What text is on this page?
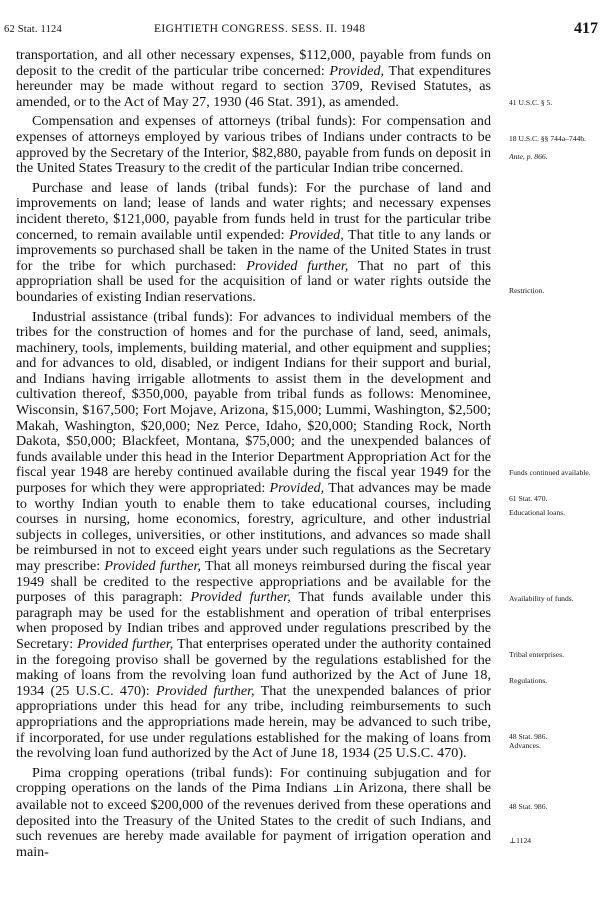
62 Stat. 1124	EIGHTIETH CONGRESS. SESS. II. 1948	417

transportation, and all other necessary expenses, $112,000, payable from funds on deposit to the credit of the particular tribe concerned: Provided, That expenditures hereunder may be made without regard to section 3709, Revised Statutes, as amended, or to the Act of May 27, 1930 (46 Stat. 391), as amended.

Compensation and expenses of attorneys (tribal funds): For compensation and expenses of attorneys employed by various tribes of Indians under contracts to be approved by the Secretary of the Interior, $82,880, payable from funds on deposit in the United States Treasury to the credit of the particular Indian tribe concerned.

Purchase and lease of lands (tribal funds): For the purchase of land and improvements on land; lease of lands and water rights; and necessary expenses incident thereto, $121,000, payable from funds held in trust for the particular tribe concerned, to remain available until expended: Provided, That title to any lands or improvements so purchased shall be taken in the name of the United States in trust for the tribe for which purchased: Provided further, That no part of this appropriation shall be used for the acquisition of land or water rights outside the boundaries of existing Indian reservations.

Industrial assistance (tribal funds): For advances to individual members of the tribes for the construction of homes and for the purchase of land, seed, animals, machinery, tools, implements, building material, and other equipment and supplies; and for advances to old, disabled, or indigent Indians for their support and burial, and Indians having irrigable allotments to assist them in the development and cultivation thereof, $350,000, payable from tribal funds as follows: Menominee, Wisconsin, $167,500; Fort Mojave, Arizona, $15,000; Lummi, Washington, $2,500; Makah, Washington, $20,000; Nez Perce, Idaho, $20,000; Standing Rock, North Dakota, $50,000; Blackfeet, Montana, $75,000; and the unexpended balances of funds available under this head in the Interior Department Appropriation Act for the fiscal year 1948 are hereby continued available during the fiscal year 1949 for the purposes for which they were appropriated: Provided, That advances may be made to worthy Indian youth to enable them to take educational courses, including courses in nursing, home economics, forestry, agriculture, and other industrial subjects in colleges, universities, or other institutions, and advances so made shall be reimbursed in not to exceed eight years under such regulations as the Secretary may prescribe: Provided further, That all moneys reimbursed during the fiscal year 1949 shall be credited to the respective appropriations and be available for the purposes of this paragraph: Provided further, That funds available under this paragraph may be used for the establishment and operation of tribal enterprises when proposed by Indian tribes and approved under regulations prescribed by the Secretary: Provided further, That enterprises operated under the authority contained in the foregoing proviso shall be governed by the regulations established for the making of loans from the revolving loan fund authorized by the Act of June 18, 1934 (25 U.S.C. 470): Provided further, That the unexpended balances of prior appropriations under this head for any tribe, including reimbursements to such appropriations and the appropriations made herein, may be advanced to such tribe, if incorporated, for use under regulations established for the making of loans from the revolving loan fund authorized by the Act of June 18, 1934 (25 U.S.C. 470).

Pima cropping operations (tribal funds): For continuing subjugation and for cropping operations on the lands of the Pima Indians ⊥in Arizona, there shall be available not to exceed $200,000 of the revenues derived from these operations and deposited into the Treasury of the United States to the credit of such Indians, and such revenues are hereby made available for payment of irrigation operation and main-

41 U.S.C. § 5.
18 U.S.C. §§ 744a–744h.
Ante, p. 866.
Restriction.
Funds continued available.
61 Stat. 470.
Educational loans.
Availability of funds.
Tribal enterprises.
Regulations.
48 Stat. 986.
Advances.
48 Stat. 986.
⊥1124
